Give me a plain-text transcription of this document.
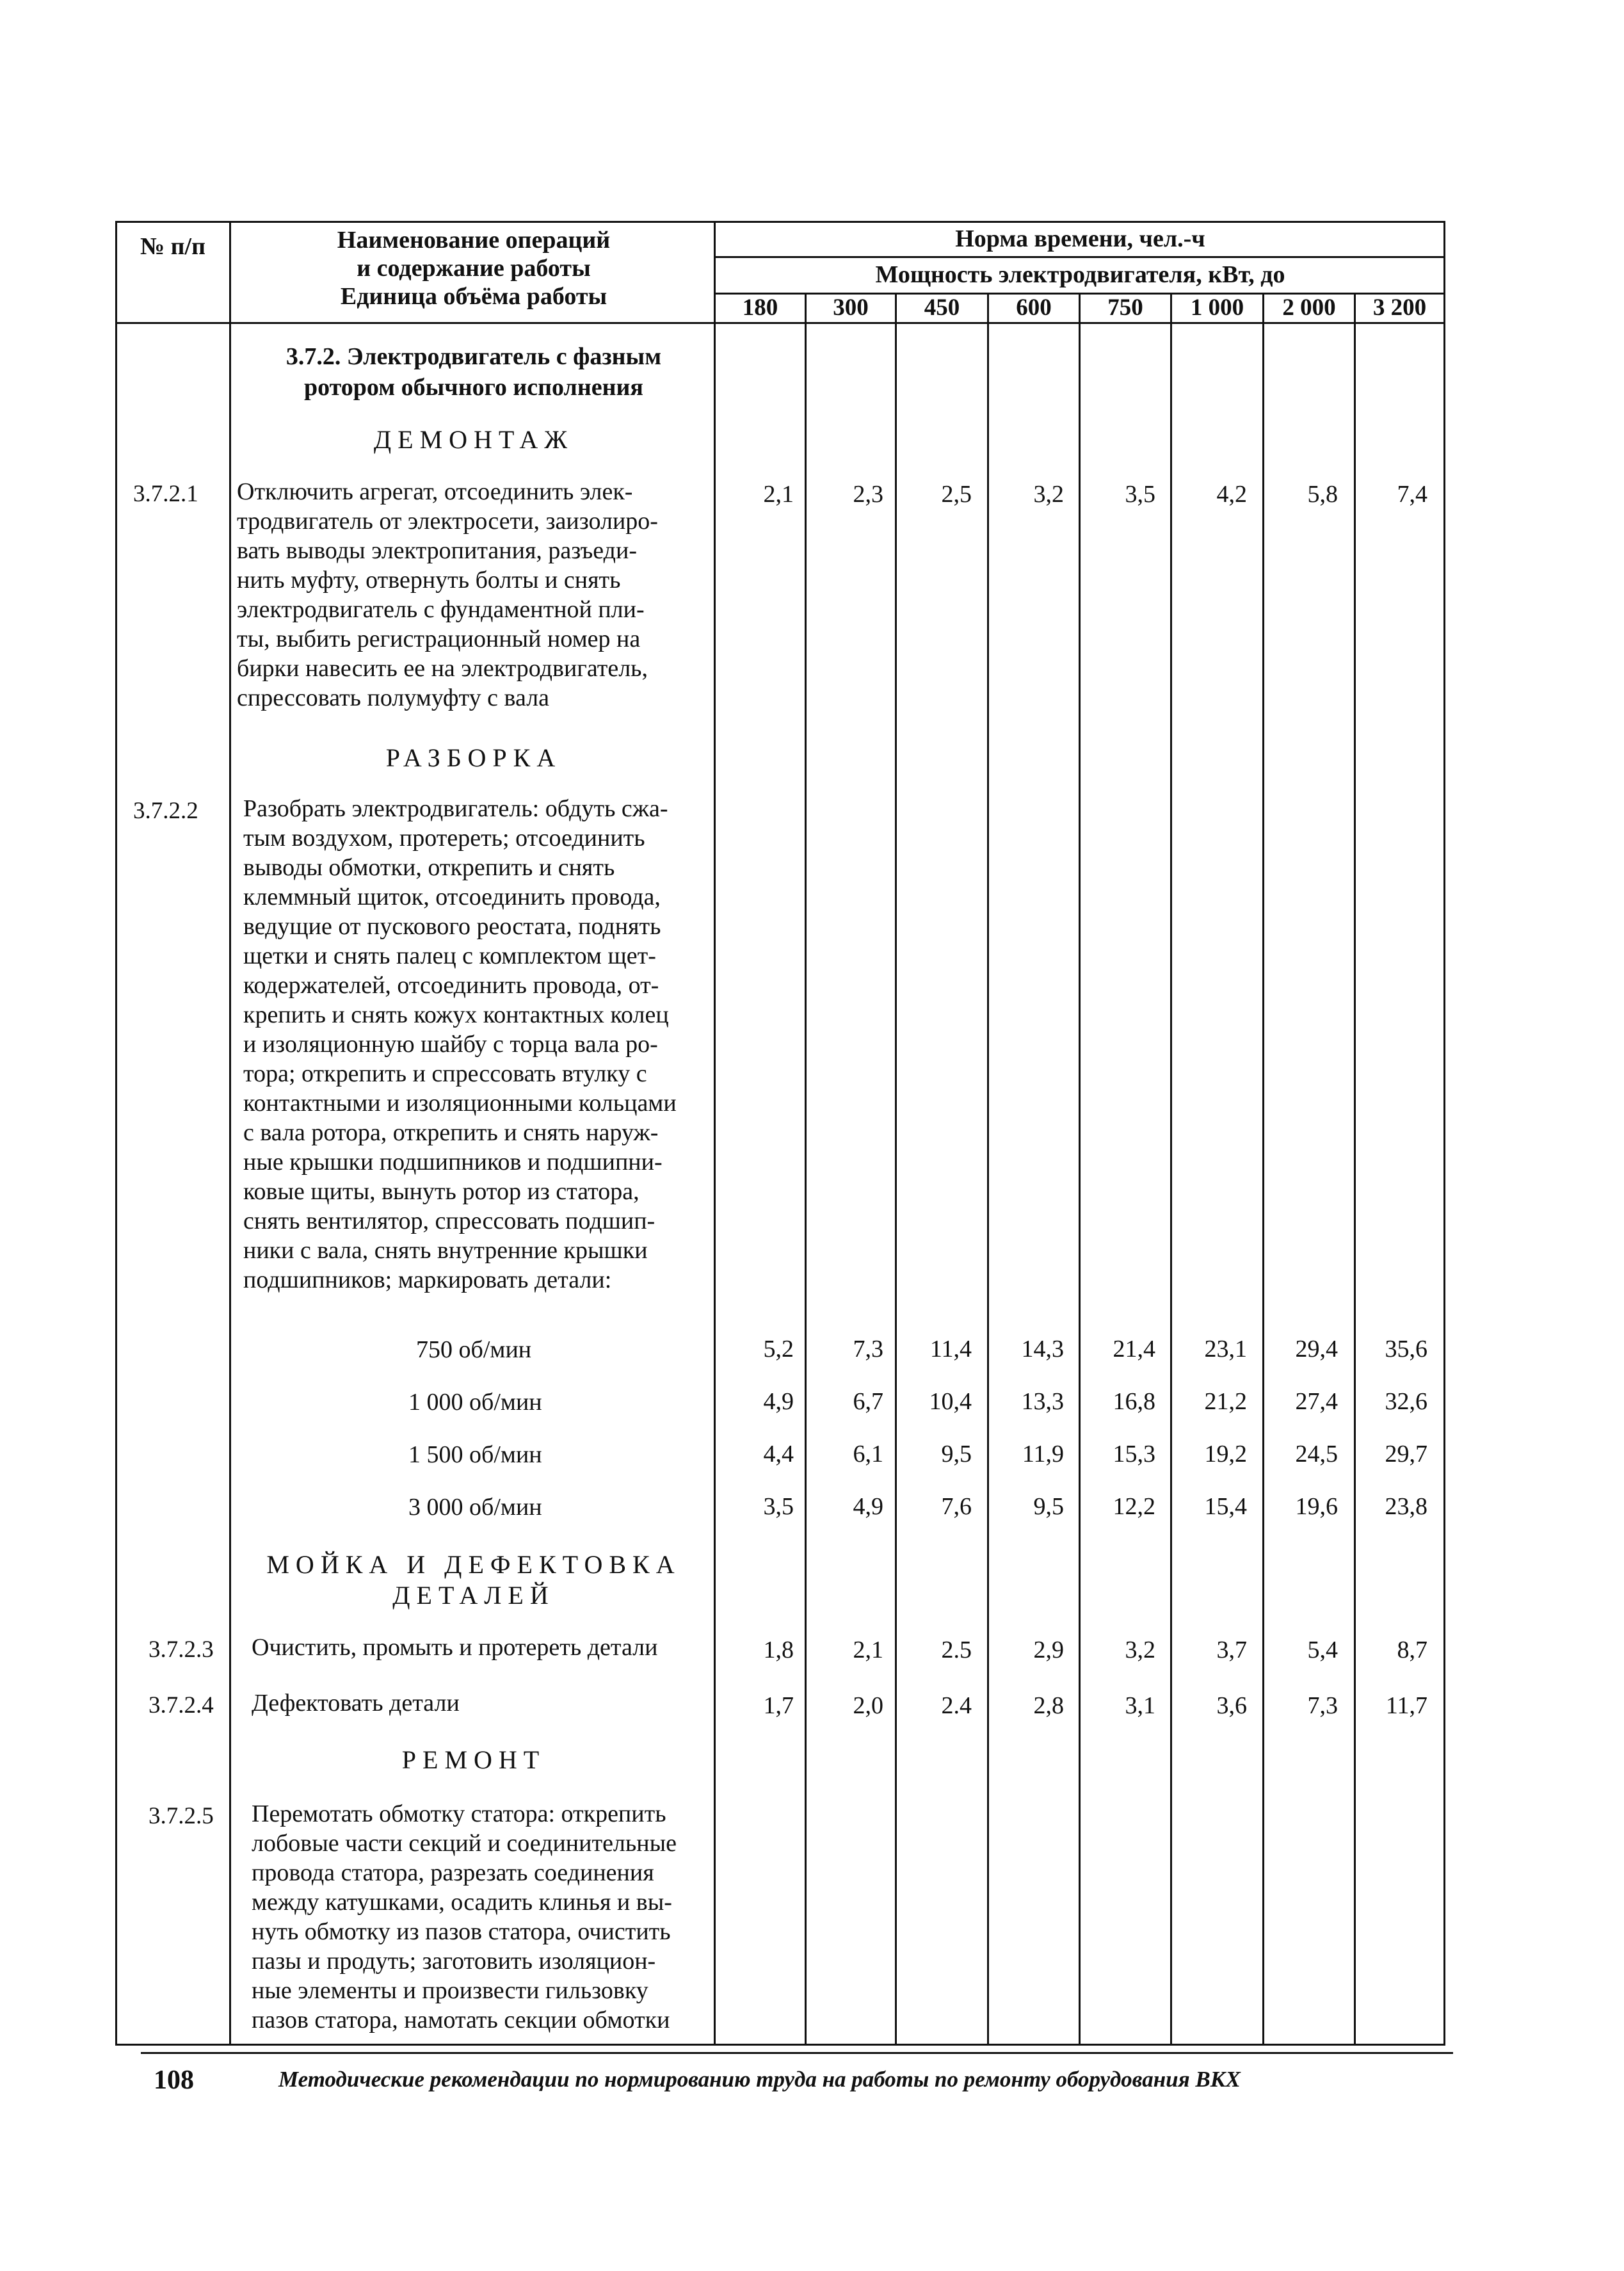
№ п/п	Наименование операций
и содержание работы
Единица объёма работы
Норма времени, чел.-ч
Мощность электродвигателя, кВт, до
180	300	450	600	750	1 000	2 000	3 200
3.7.2. Электродвигатель с фазным
ротором обычного исполнения
ДЕМОНТАЖ
3.7.2.1 Отключить агрегат, отсоединить элек-
тродвигатель от электросети, заизолиро-
вать выводы электропитания, разъеди-
нить муфту, отвернуть болты и снять
электродвигатель с фундаментной пли-
ты, выбить регистрационный номер на
бирки навесить ее на электродвигатель,
спрессовать полумуфту с вала
2,1	2,3	2,5	3,2	3,5	4,2	5,8	7,4
РАЗБОРКА
3.7.2.2 Разобрать электродвигатель: обдуть сжа-
тым воздухом, протереть; отсоединить
выводы обмотки, открепить и снять
клеммный щиток, отсоединить провода,
ведущие от пускового реостата, поднять
щетки и снять палец с комплектом щет-
кодержателей, отсоединить провода, от-
крепить и снять кожух контактных колец
и изоляционную шайбу с торца вала ро-
тора; открепить и спрессовать втулку с
контактными и изоляционными кольцами
с вала ротора, открепить и снять наруж-
ные крышки подшипников и подшипни-
ковые щиты, вынуть ротор из статора,
снять вентилятор, спрессовать подшип-
ники с вала, снять внутренние крышки
подшипников; маркировать детали:
750 об/мин	5,2	7,3	11,4	14,3	21,4	23,1	29,4	35,6
1 000 об/мин	4,9	6,7	10,4	13,3	16,8	21,2	27,4	32,6
1 500 об/мин	4,4	6,1	9,5	11,9	15,3	19,2	24,5	29,7
3 000 об/мин	3,5	4,9	7,6	9,5	12,2	15,4	19,6	23,8
МОЙКА И ДЕФЕКТОВКА
ДЕТАЛЕЙ
3.7.2.3 Очистить, промыть и протереть детали	1,8	2,1	2.5	2,9	3,2	3,7	5,4	8,7
3.7.2.4 Дефектовать детали	1,7	2,0	2.4	2,8	3,1	3,6	7,3	11,7
РЕМОНТ
3.7.2.5 Перемотать обмотку статора: открепить
лобовые части секций и соединительные
провода статора, разрезать соединения
между катушками, осадить клинья и вы-
нуть обмотку из пазов статора, очистить
пазы и продуть; заготовить изоляцион-
ные элементы и произвести гильзовку
пазов статора, намотать секции обмотки
108	Методические рекомендации по нормированию труда на работы по ремонту оборудования ВКХ
